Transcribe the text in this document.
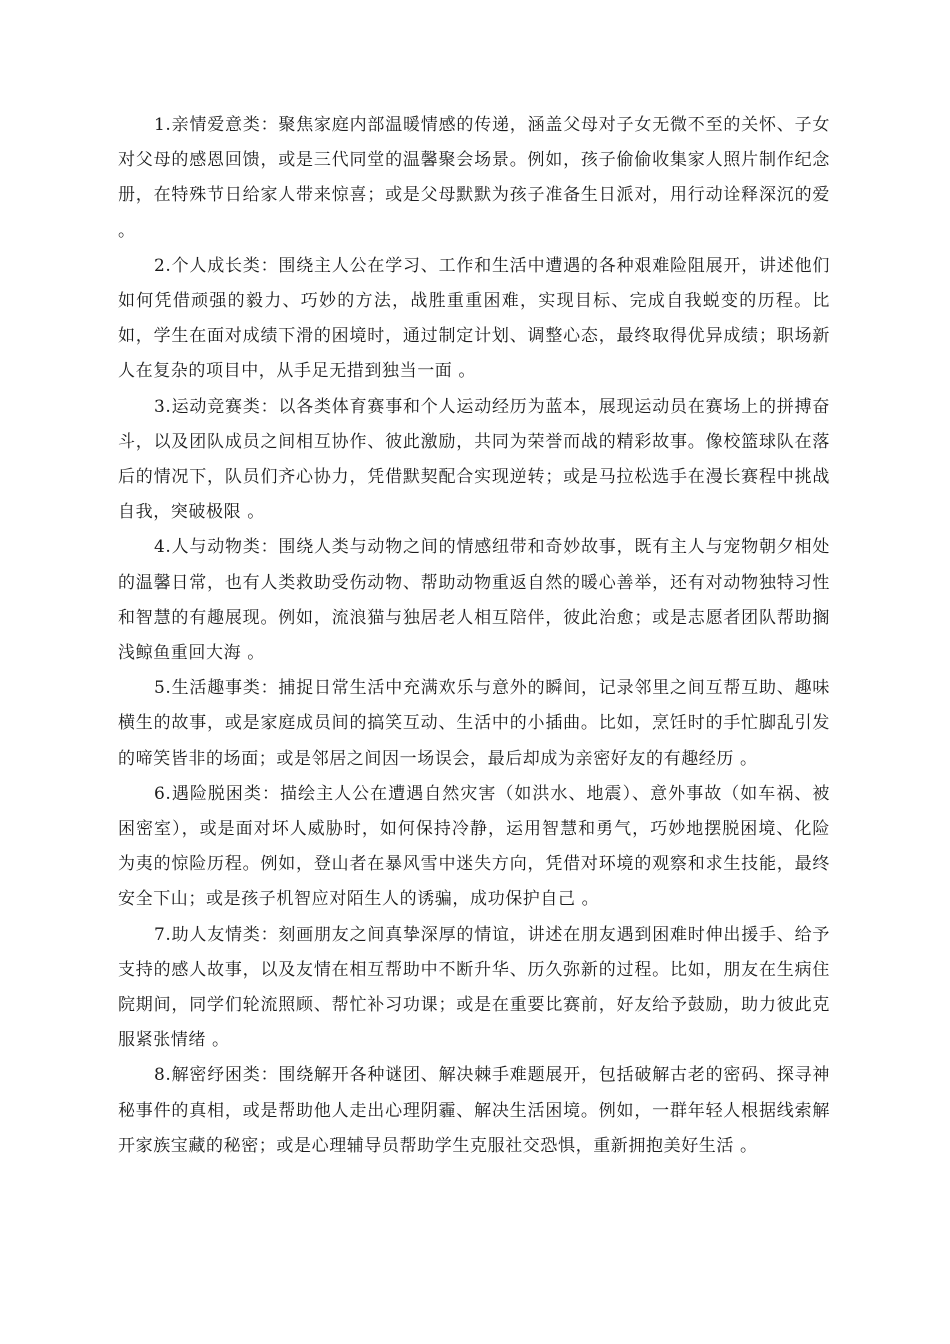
1.亲情爱意类：聚焦家庭内部温暖情感的传递，涵盖父母对子女无微不至的关怀、子女对父母的感恩回馈，或是三代同堂的温馨聚会场景。例如，孩子偷偷收集家人照片制作纪念册，在特殊节日给家人带来惊喜；或是父母默默为孩子准备生日派对，用行动诠释深沉的爱 。

2.个人成长类：围绕主人公在学习、工作和生活中遭遇的各种艰难险阻展开，讲述他们如何凭借顽强的毅力、巧妙的方法，战胜重重困难，实现目标、完成自我蜕变的历程。比如，学生在面对成绩下滑的困境时，通过制定计划、调整心态，最终取得优异成绩；职场新人在复杂的项目中，从手足无措到独当一面 。

3.运动竞赛类：以各类体育赛事和个人运动经历为蓝本，展现运动员在赛场上的拼搏奋斗，以及团队成员之间相互协作、彼此激励，共同为荣誉而战的精彩故事。像校篮球队在落后的情况下，队员们齐心协力，凭借默契配合实现逆转；或是马拉松选手在漫长赛程中挑战自我，突破极限 。

4.人与动物类：围绕人类与动物之间的情感纽带和奇妙故事，既有主人与宠物朝夕相处的温馨日常，也有人类救助受伤动物、帮助动物重返自然的暖心善举，还有对动物独特习性和智慧的有趣展现。例如，流浪猫与独居老人相互陪伴，彼此治愈；或是志愿者团队帮助搁浅鲸鱼重回大海 。

5.生活趣事类：捕捉日常生活中充满欢乐与意外的瞬间，记录邻里之间互帮互助、趣味横生的故事，或是家庭成员间的搞笑互动、生活中的小插曲。比如，烹饪时的手忙脚乱引发的啼笑皆非的场面；或是邻居之间因一场误会，最后却成为亲密好友的有趣经历 。

6.遇险脱困类：描绘主人公在遭遇自然灾害（如洪水、地震）、意外事故（如车祸、被困密室），或是面对坏人威胁时，如何保持冷静，运用智慧和勇气，巧妙地摆脱困境、化险为夷的惊险历程。例如，登山者在暴风雪中迷失方向，凭借对环境的观察和求生技能，最终安全下山；或是孩子机智应对陌生人的诱骗，成功保护自己 。

7.助人友情类：刻画朋友之间真挚深厚的情谊，讲述在朋友遇到困难时伸出援手、给予支持的感人故事，以及友情在相互帮助中不断升华、历久弥新的过程。比如，朋友在生病住院期间，同学们轮流照顾、帮忙补习功课；或是在重要比赛前，好友给予鼓励，助力彼此克服紧张情绪 。

8.解密纾困类：围绕解开各种谜团、解决棘手难题展开，包括破解古老的密码、探寻神秘事件的真相，或是帮助他人走出心理阴霾、解决生活困境。例如，一群年轻人根据线索解开家族宝藏的秘密；或是心理辅导员帮助学生克服社交恐惧，重新拥抱美好生活 。
